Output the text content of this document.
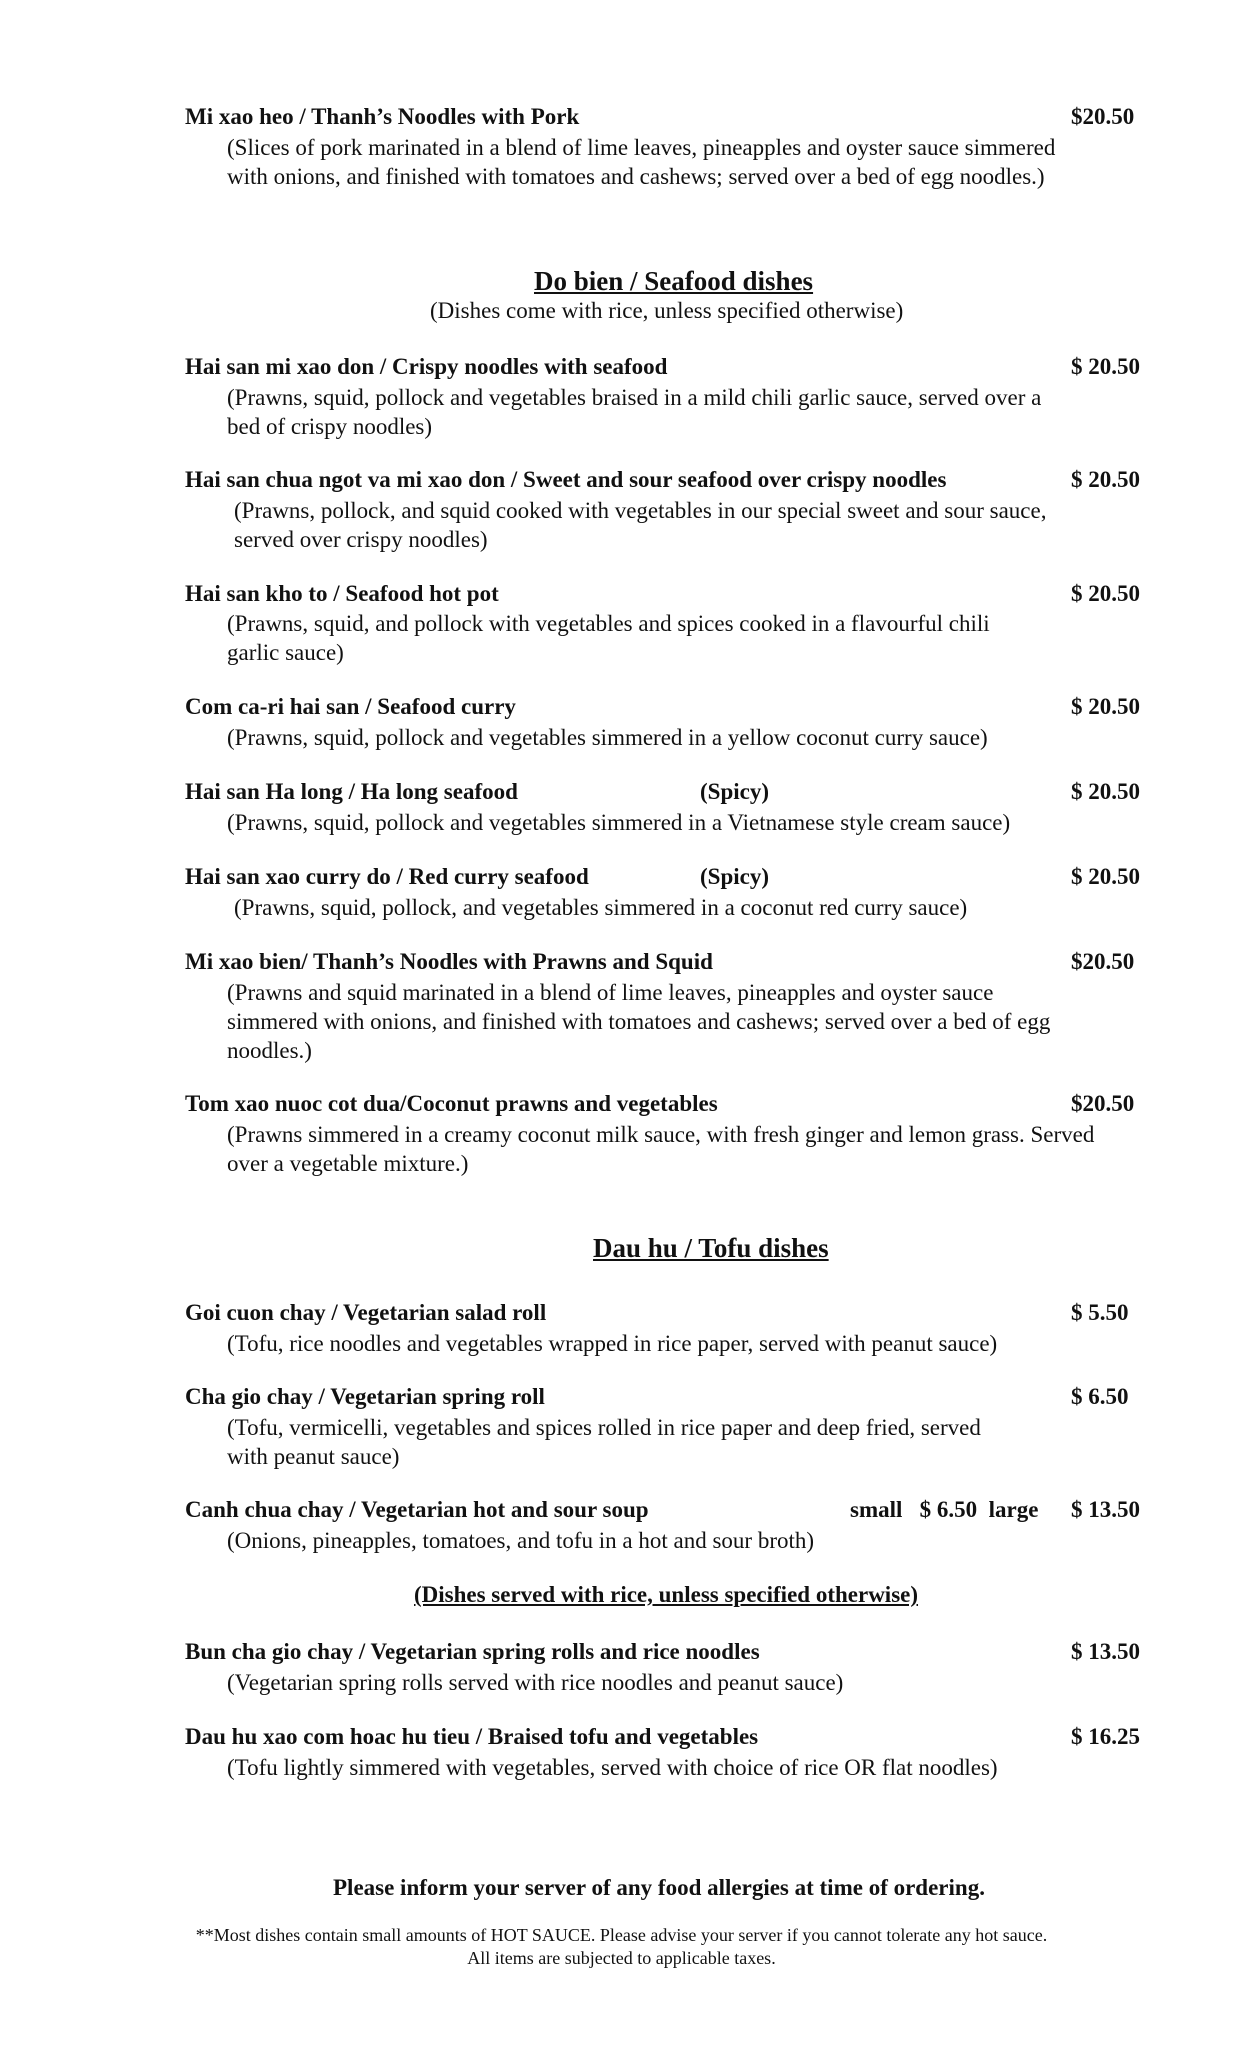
Mi xao heo / Thanh’s Noodles with Pork	$20.50
(Slices of pork marinated in a blend of lime leaves, pineapples and oyster sauce simmered with onions, and finished with tomatoes and cashews; served over a bed of egg noodles.)
Do bien / Seafood dishes
(Dishes come with rice, unless specified otherwise)
Hai san mi xao don / Crispy noodles with seafood	$ 20.50
(Prawns, squid, pollock and vegetables braised in a mild chili garlic sauce, served over a bed of crispy noodles)
Hai san chua ngot va mi xao don / Sweet and sour seafood over crispy noodles	$ 20.50
(Prawns, pollock, and squid cooked with vegetables in our special sweet and sour sauce, served over crispy noodles)
Hai san kho to / Seafood hot pot	$ 20.50
(Prawns, squid, and pollock with vegetables and spices cooked in a flavourful chili garlic sauce)
Com ca-ri hai san / Seafood curry	$ 20.50
(Prawns, squid, pollock and vegetables simmered in a yellow coconut curry sauce)
Hai san Ha long / Ha long seafood	(Spicy)	$ 20.50
(Prawns, squid, pollock and vegetables simmered in a Vietnamese style cream sauce)
Hai san xao curry do / Red curry seafood	(Spicy)	$ 20.50
(Prawns, squid, pollock, and vegetables simmered in a coconut red curry sauce)
Mi xao bien/ Thanh’s Noodles with Prawns and Squid	$20.50
(Prawns and squid marinated in a blend of lime leaves, pineapples and oyster sauce simmered with onions, and finished with tomatoes and cashews; served over a bed of egg noodles.)
Tom xao nuoc cot dua/Coconut prawns and vegetables	$20.50
(Prawns simmered in a creamy coconut milk sauce, with fresh ginger and lemon grass. Served over a vegetable mixture.)
Dau hu / Tofu dishes
Goi cuon chay / Vegetarian salad roll	$ 5.50
(Tofu, rice noodles and vegetables wrapped in rice paper, served with peanut sauce)
Cha gio chay / Vegetarian spring roll	$ 6.50
(Tofu, vermicelli, vegetables and spices rolled in rice paper and deep fried, served with peanut sauce)
Canh chua chay / Vegetarian hot and sour soup	small   $ 6.50  large $ 13.50
(Onions, pineapples, tomatoes, and tofu in a hot and sour broth)
(Dishes served with rice, unless specified otherwise)
Bun cha gio chay / Vegetarian spring rolls and rice noodles	$ 13.50
(Vegetarian spring rolls served with rice noodles and peanut sauce)
Dau hu xao com hoac hu tieu / Braised tofu and vegetables	$ 16.25
(Tofu lightly simmered with vegetables, served with choice of rice OR flat noodles)
Please inform your server of any food allergies at time of ordering.
**Most dishes contain small amounts of HOT SAUCE. Please advise your server if you cannot tolerate any hot sauce.
All items are subjected to applicable taxes.
